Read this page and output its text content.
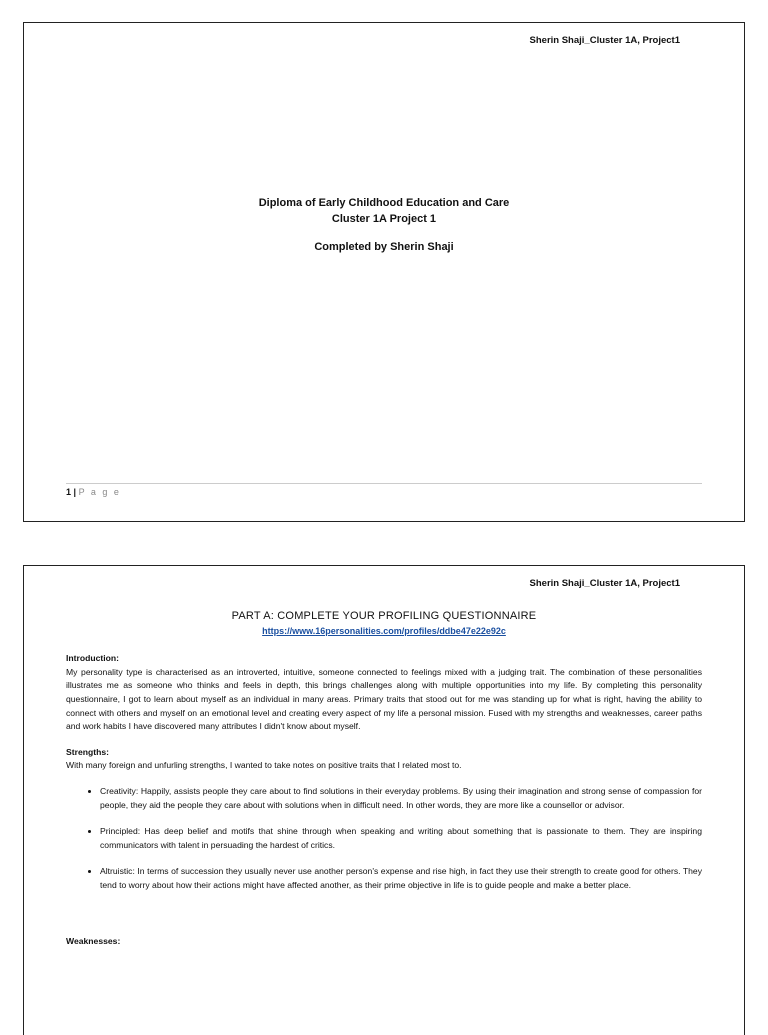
Sherin Shaji_Cluster 1A, Project1
Diploma of Early Childhood Education and Care
Cluster 1A Project 1
Completed by Sherin Shaji
1 | P a g e
Sherin Shaji_Cluster 1A, Project1
PART A: COMPLETE YOUR PROFILING QUESTIONNAIRE
https://www.16personalities.com/profiles/ddbe47e22e92c
Introduction:

My personality type is characterised as an introverted, intuitive, someone connected to feelings mixed with a judging trait. The combination of these personalities illustrates me as someone who thinks and feels in depth, this brings challenges along with multiple opportunities into my life. By completing this personality questionnaire, I got to learn about myself as an individual in many areas. Primary traits that stood out for me was standing up for what is right, having the ability to connect with others and myself on an emotional level and creating every aspect of my life a personal mission. Fused with my strengths and weaknesses, career paths and work habits I have discovered many attributes I didn't know about myself.

Strengths:

With many foreign and unfurling strengths, I wanted to take notes on positive traits that I related most to.

• Creativity: Happily, assists people they care about to find solutions in their everyday problems. By using their imagination and strong sense of compassion for people, they aid the people they care about with solutions when in difficult need. In other words, they are more like a counsellor or advisor.
• Principled: Has deep belief and motifs that shine through when speaking and writing about something that is passionate to them. They are inspiring communicators with talent in persuading the hardest of critics.
• Altruistic: In terms of succession they usually never use another person's expense and rise high, in fact they use their strength to create good for others. They tend to worry about how their actions might have affected another, as their prime objective in life is to guide people and make a better place.
Weaknesses:
